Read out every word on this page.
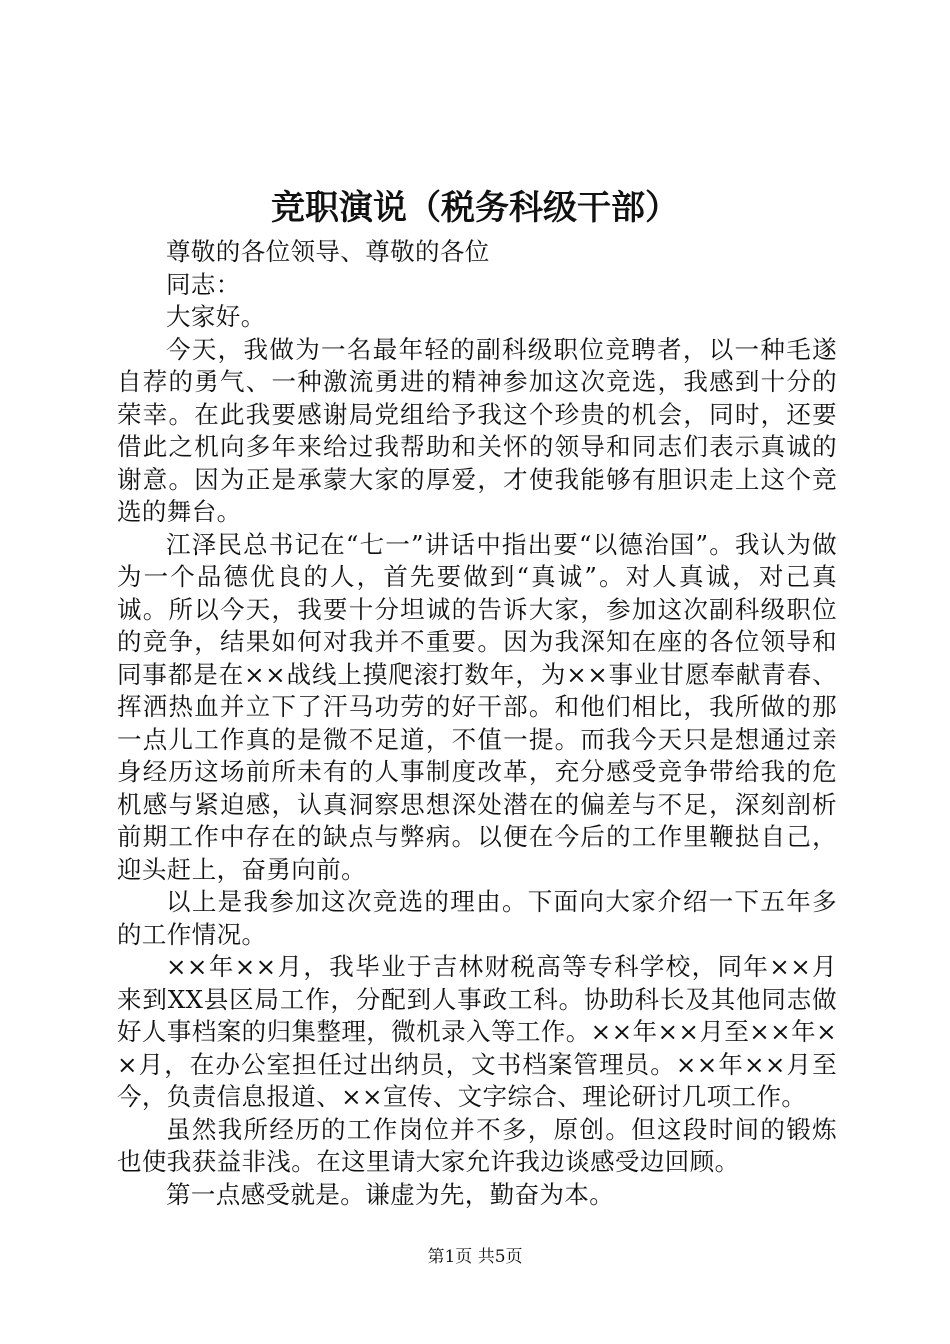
竞职演说（税务科级干部）

尊敬的各位领导、尊敬的各位

同志：

大家好。

今天，我做为一名最年轻的副科级职位竞聘者，以一种毛遂自荐的勇气、一种激流勇进的精神参加这次竞选，我感到十分的荣幸。在此我要感谢局党组给予我这个珍贵的机会，同时，还要借此之机向多年来给过我帮助和关怀的领导和同志们表示真诚的谢意。因为正是承蒙大家的厚爱，才使我能够有胆识走上这个竞选的舞台。

江泽民总书记在“七一”讲话中指出要“以德治国”。我认为做为一个品德优良的人，首先要做到“真诚”。对人真诚，对己真诚。所以今天，我要十分坦诚的告诉大家，参加这次副科级职位的竞争，结果如何对我并不重要。因为我深知在座的各位领导和同事都是在××战线上摸爬滚打数年，为××事业甘愿奉献青春、挥洒热血并立下了汗马功劳的好干部。和他们相比，我所做的那一点儿工作真的是微不足道，不值一提。而我今天只是想通过亲身经历这场前所未有的人事制度改革，充分感受竞争带给我的危机感与紧迫感，认真洞察思想深处潜在的偏差与不足，深刻剖析前期工作中存在的缺点与弊病。以便在今后的工作里鞭挞自己，迎头赶上，奋勇向前。

以上是我参加这次竞选的理由。下面向大家介绍一下五年多的工作情况。

××年××月，我毕业于吉林财税高等专科学校，同年××月来到XX县区局工作，分配到人事政工科。协助科长及其他同志做好人事档案的归集整理，微机录入等工作。××年××月至××年××月，在办公室担任过出纳员，文书档案管理员。××年××月至今，负责信息报道、××宣传、文字综合、理论研讨几项工作。

虽然我所经历的工作岗位并不多，原创。但这段时间的锻炼也使我获益非浅。在这里请大家允许我边谈感受边回顾。

第一点感受就是。谦虚为先，勤奋为本。

第1页 共5页
